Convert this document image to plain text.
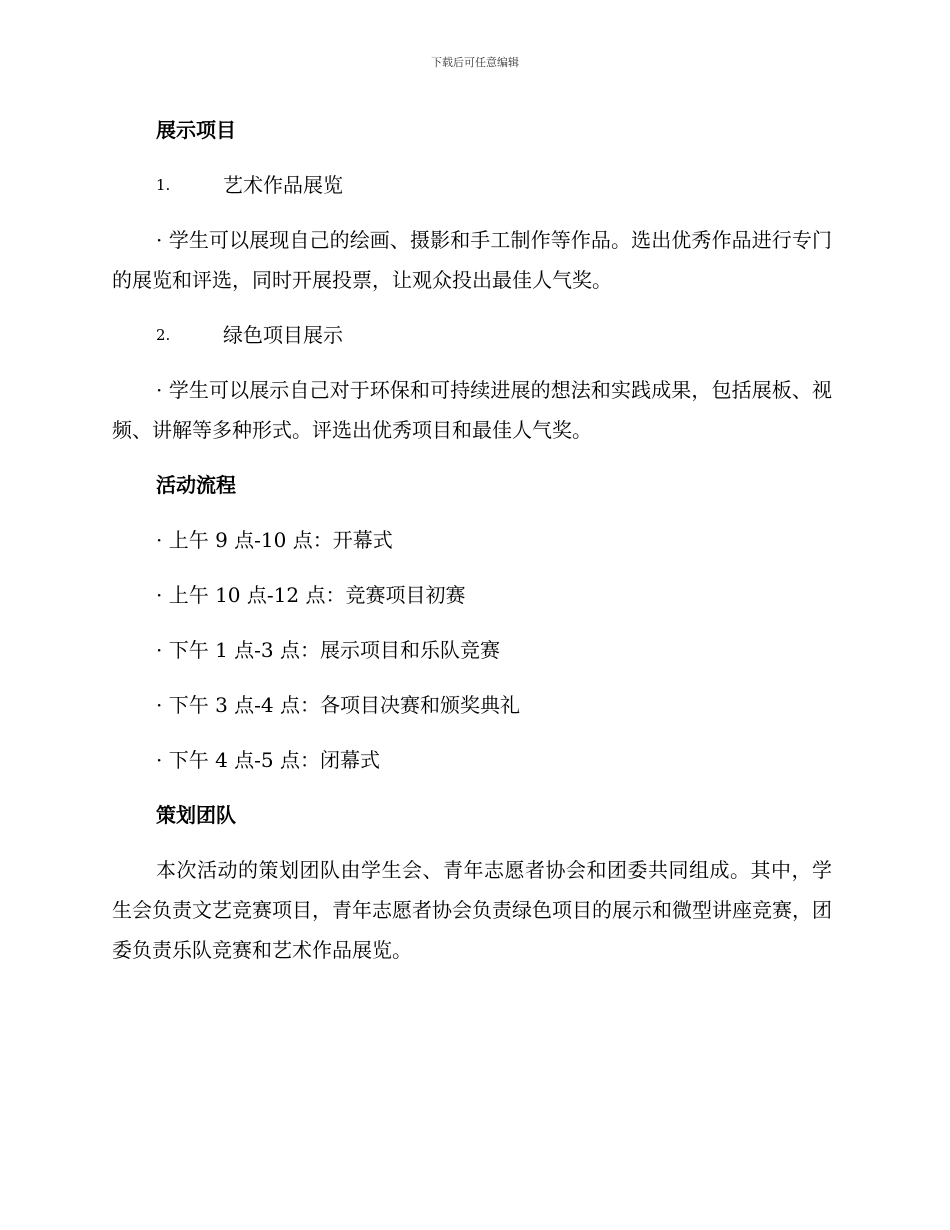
下载后可任意编辑
展示项目
1.	艺术作品展览
· 学生可以展现自己的绘画、摄影和手工制作等作品。选出优秀作品进行专门的展览和评选，同时开展投票，让观众投出最佳人气奖。
2.	绿色项目展示
· 学生可以展示自己对于环保和可持续进展的想法和实践成果，包括展板、视频、讲解等多种形式。评选出优秀项目和最佳人气奖。
活动流程
· 上午 9 点-10 点：开幕式
· 上午 10 点-12 点：竞赛项目初赛
· 下午 1 点-3 点：展示项目和乐队竞赛
· 下午 3 点-4 点：各项目决赛和颁奖典礼
· 下午 4 点-5 点：闭幕式
策划团队
本次活动的策划团队由学生会、青年志愿者协会和团委共同组成。其中，学生会负责文艺竞赛项目，青年志愿者协会负责绿色项目的展示和微型讲座竞赛，团委负责乐队竞赛和艺术作品展览。
